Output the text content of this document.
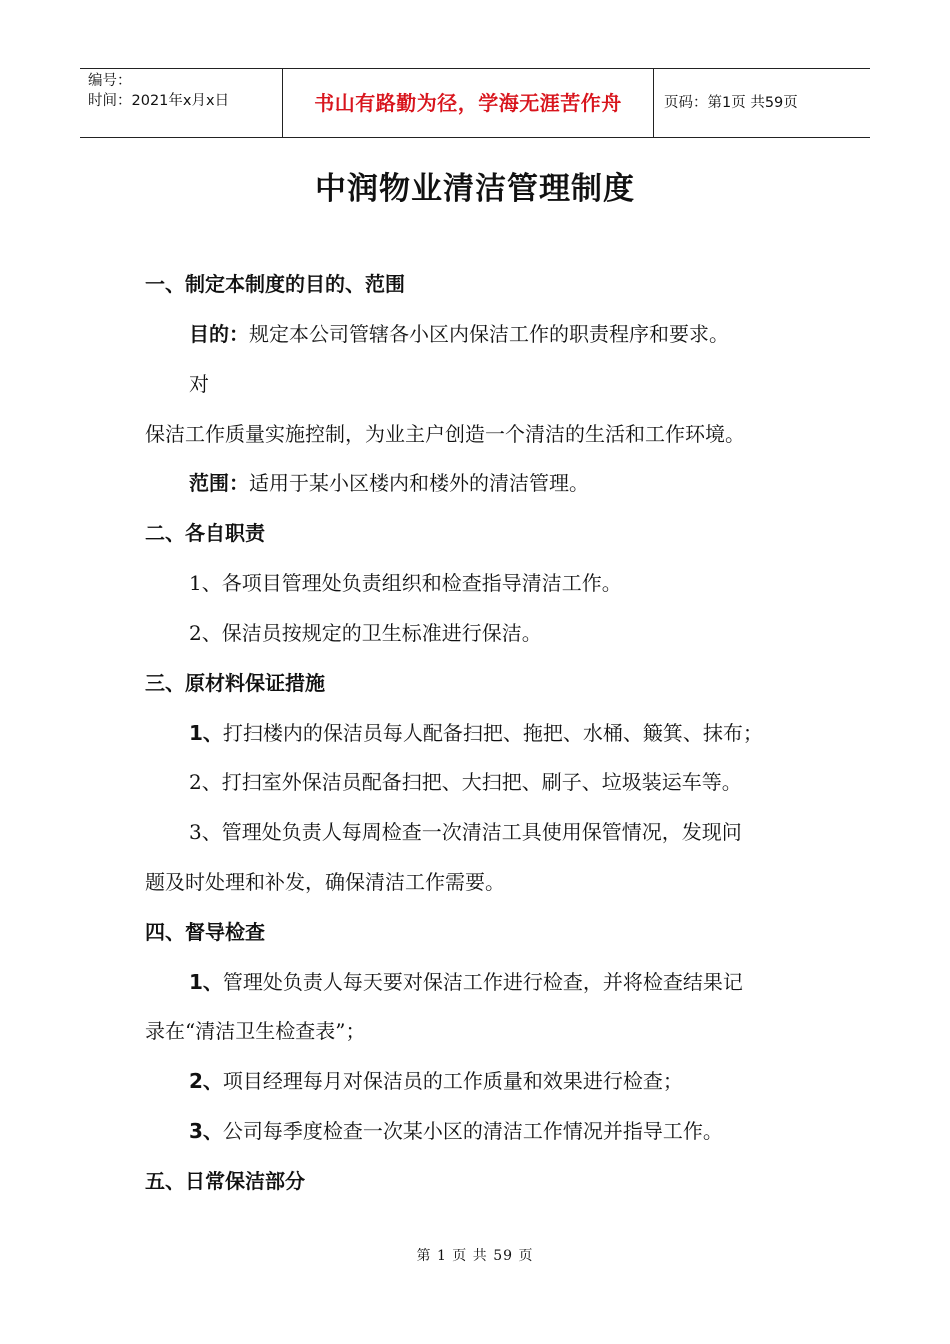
编号：
时间：2021年x月x日	书山有路勤为径，学海无涯苦作舟	页码：第1页 共59页
中润物业清洁管理制度
一、制定本制度的目的、范围
目的：规定本公司管辖各小区内保洁工作的职责程序和要求。
对
保洁工作质量实施控制，为业主户创造一个清洁的生活和工作环境。
范围：适用于某小区楼内和楼外的清洁管理。
二、各自职责
1、各项目管理处负责组织和检查指导清洁工作。
2、保洁员按规定的卫生标准进行保洁。
三、原材料保证措施
1、打扫楼内的保洁员每人配备扫把、拖把、水桶、簸箕、抹布；
2、打扫室外保洁员配备扫把、大扫把、刷子、垃圾装运车等。
3、管理处负责人每周检查一次清洁工具使用保管情况，发现问
题及时处理和补发，确保清洁工作需要。
四、督导检查
1、管理处负责人每天要对保洁工作进行检查，并将检查结果记
录在“清洁卫生检查表”；
2、项目经理每月对保洁员的工作质量和效果进行检查；
3、公司每季度检查一次某小区的清洁工作情况并指导工作。
五、日常保洁部分
第 1 页 共 59 页
